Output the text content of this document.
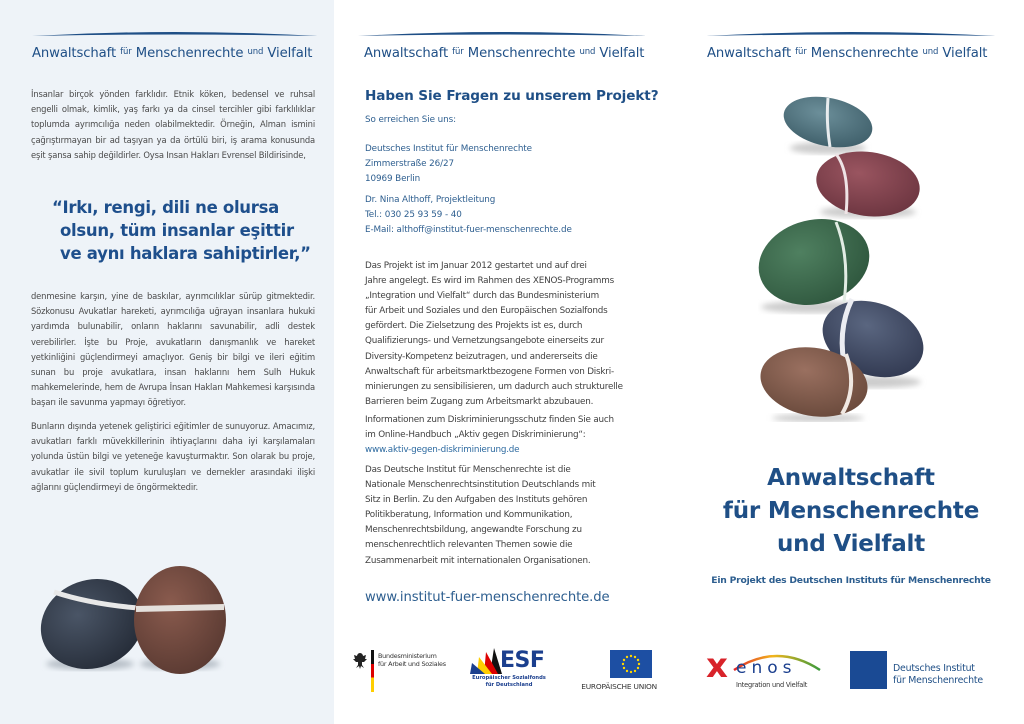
Anwaltschaft $^{für}$ Menschenrechte $^{und}$ Vielfalt

İnsanlar birçok yönden farklıdır. Etnik köken, bedensel ve ruhsal engelli olmak, kimlik, yaş farkı ya da cinsel tercihler gibi farklılıklar toplumda ayrımcılığa neden olabilmektedir. Örneğin, Alman ismini çağrıştırmayan bir ad taşıyan ya da örtülü biri, iş arama konusunda eşit şansa sahip değildirler. Oysa Insan Hakları Evrensel Bildirisinde,

“Irkı, rengi, dili ne olursa
olsun, tüm insanlar eşittir
ve aynı haklara sahiptirler,”

denmesine karşın, yine de baskılar, ayrımcılıklar sürüp gitmektedir. Sözkonusu Avukatlar hareketi, ayrımcılığa uğrayan insanlara hukuki yardımda bulunabilir, onların haklarını savunabilir, adli destek verebilirler. İşte bu Proje, avukatların danışmanlık ve hareket yetkinliğini güçlendirmeyi amaçlıyor. Geniş bir bilgi ve ileri eğitim sunan bu proje avukatlara, insan haklarını hem Sulh Hukuk mahkemelerinde, hem de Avrupa İnsan Hakları Mahkemesi karşısında başarı ile savunma yapmayı öğretiyor.

Bunların dışında yetenek geliştirici eğitimler de sunuyoruz. Amacımız, avukatları farklı müvekkillerinin ihtiyaçlarını daha iyi karşılamaları yolunda üstün bilgi ve yeteneğe kavuşturmaktır. Son olarak bu proje, avukatlar ile sivil toplum kuruluşları ve dernekler arasındaki ilişki ağlarını güçlendirmeyi de öngörmektedir.

Anwaltschaft $^{für}$ Menschenrechte $^{und}$ Vielfalt
Haben Sie Fragen zu unserem Projekt?
So erreichen Sie uns:
Deutsches Institut für Menschenrechte
Zimmerstraße 26/27
10969 Berlin
Dr. Nina Althoff, Projektleitung
Tel.: 030 25 93 59 - 40
E-Mail: althoff@institut-fuer-menschenrechte.de
Das Projekt ist im Januar 2012 gestartet und auf drei
Jahre angelegt. Es wird im Rahmen des XENOS-Programms
„Integration und Vielfalt“ durch das Bundesministerium
für Arbeit und Soziales und den Europäischen Sozialfonds
gefördert. Die Zielsetzung des Projekts ist es, durch
Qualifizierungs- und Vernetzungsangebote einerseits zur
Diversity-Kompetenz beizutragen, und andererseits die
Anwaltschaft für arbeitsmarktbezogene Formen von Diskri-
minierungen zu sensibilisieren, um dadurch auch strukturelle
Barrieren beim Zugang zum Arbeitsmarkt abzubauen.
Informationen zum Diskriminierungsschutz finden Sie auch
im Online-Handbuch „Aktiv gegen Diskriminierung“:
www.aktiv-gegen-diskriminierung.de
Das Deutsche Institut für Menschenrechte ist die
Nationale Menschenrechtsinstitution Deutschlands mit
Sitz in Berlin. Zu den Aufgaben des Instituts gehören
Politikberatung, Information und Kommunikation,
Menschenrechtsbildung, angewandte Forschung zu
menschenrechtlich relevanten Themen sowie die
Zusammenarbeit mit internationalen Organisationen.
www.institut-fuer-menschenrechte.de
Bundesministerium
für Arbeit und Soziales ESF
Europäischer Sozialfonds
für Deutschland	EUROPÄISCHE UNION
Anwaltschaft $^{für}$ Menschenrechte $^{und}$ Vielfalt
Anwaltschaft
für Menschenrechte
und Vielfalt
Ein Projekt des Deutschen Instituts für Menschenrechte
x enos
Integration und Vielfalt
Deutsches Institut
für Menschenrechte
